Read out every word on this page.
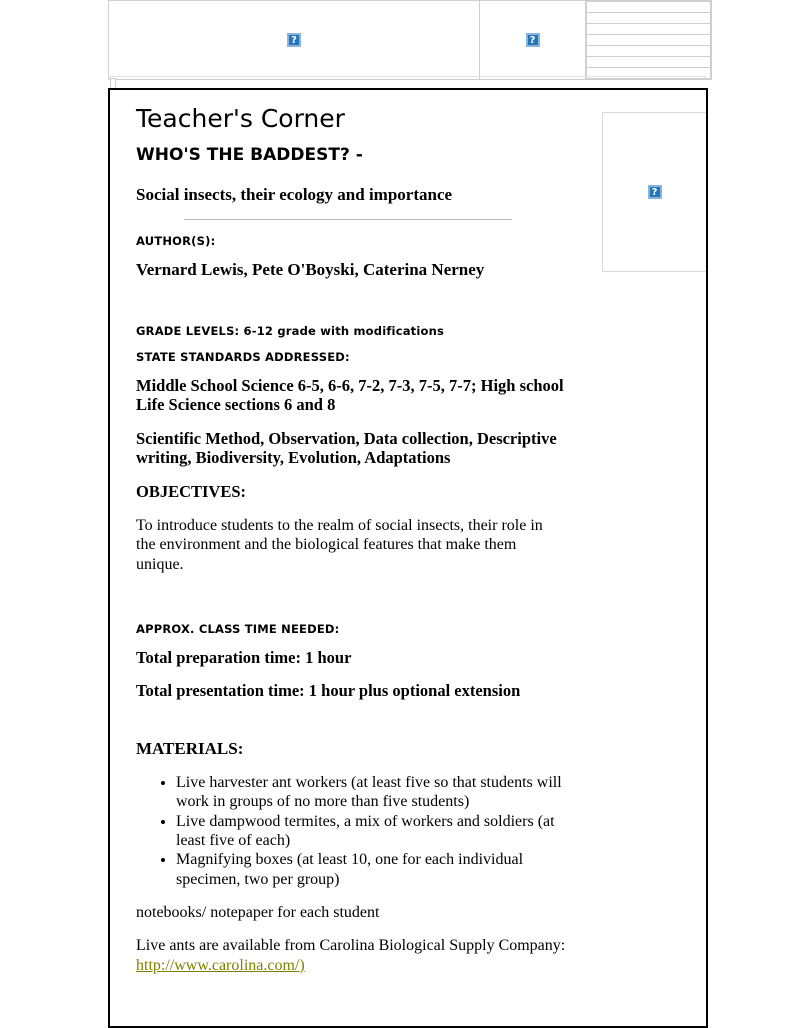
?	?	

?
Teacher's Corner
WHO'S THE BADDEST? -
Social insects, their ecology and importance

AUTHOR(S):

Vernard Lewis, Pete O'Boyski, Caterina Nerney

GRADE LEVELS: 6-12 grade with modifications

STATE STANDARDS ADDRESSED:

Middle School Science 6-5, 6-6, 7-2, 7-3, 7-5, 7-7; High school Life Science sections 6 and 8

Scientific Method, Observation, Data collection, Descriptive writing, Biodiversity, Evolution, Adaptations

OBJECTIVES:

To introduce students to the realm of social insects, their role in the environment and the biological features that make them unique.

APPROX. CLASS TIME NEEDED:

Total preparation time: 1 hour

Total presentation time: 1 hour plus optional extension

MATERIALS:

• Live harvester ant workers (at least five so that students will work in groups of no more than five students)
• Live dampwood termites, a mix of workers and soldiers (at least five of each)
• Magnifying boxes (at least 10, one for each individual specimen, two per group)

notebooks/ notepaper for each student

Live ants are available from Carolina Biological Supply Company: http://www.carolina.com/)
